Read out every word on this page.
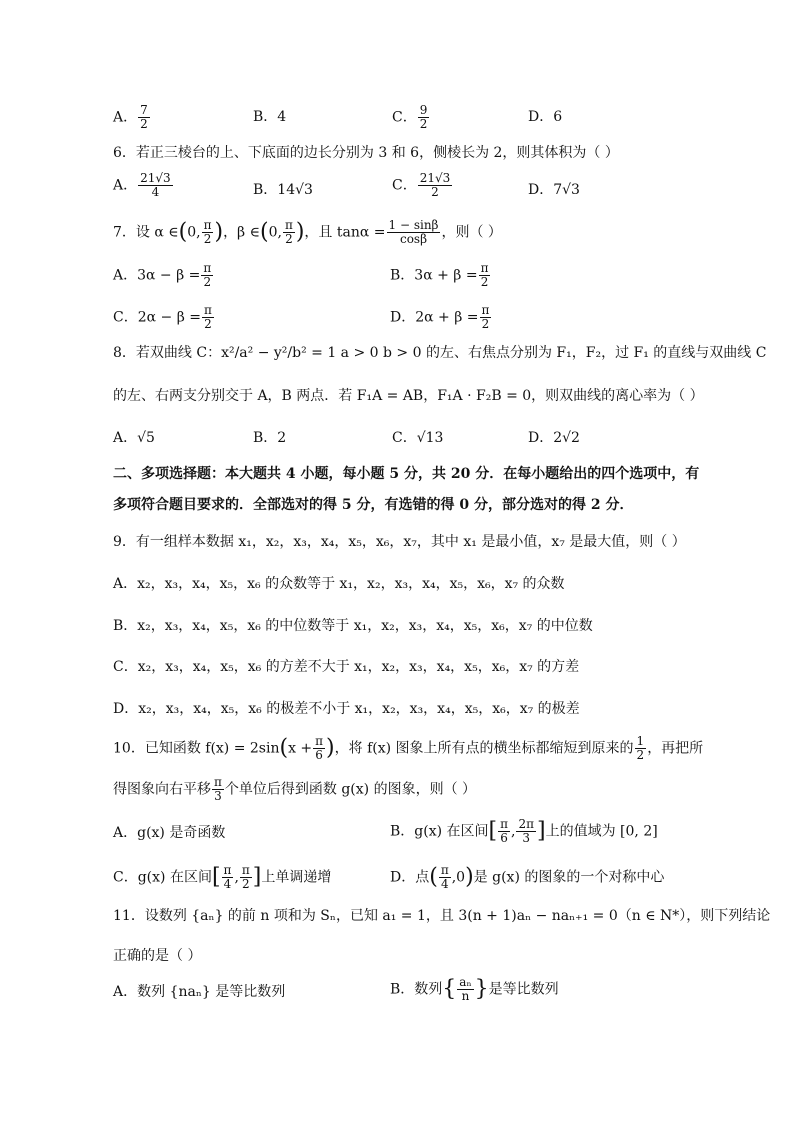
A． $\frac{7}{2}$	B．4	C． $\frac{9}{2}$	D．6
6．若正三棱台的上、下底面的边长分别为 3 和 6，侧棱长为 2，则其体积为（ ）
A． $\frac{21√3}{4}$	B．14√3	C． $\frac{21√3}{2}$	D．7√3
7．设 α ∈(0, $\frac{\pi}{2}$ )，β ∈(0, $\frac{\pi}{2}$ )，且 $\tan\alpha = \frac{1 - \sin\beta}{\cos\beta}$ ，则（ ）
A．$3\alpha - \beta = \frac{\pi}{2}$	B．$3\alpha + \beta = \frac{\pi}{2}$
C．$2\alpha - \beta = \frac{\pi}{2}$	D．$2\alpha + \beta = \frac{\pi}{2}$
8．若双曲线 C：x²/a² − y²/b² = 1 a > 0 b > 0 的左、右焦点分别为 F₁，F₂，过 F₁ 的直线与双曲线 C
的左、右两支分别交于 A，B 两点．若 F₁A = AB，F₁A · F₂B = 0，则双曲线的离心率为（ ）
A．√5	B．2	C．√13	D．2√2
二、多项选择题：本大题共 4 小题，每小题 5 分，共 20 分．在每小题给出的四个选项中，有
多项符合题目要求的．全部选对的得 5 分，有选错的得 0 分，部分选对的得 2 分．
9．有一组样本数据 x₁，x₂，x₃，x₄，x₅，x₆，x₇，其中 x₁ 是最小值，x₇ 是最大值，则（ ）
A．x₂，x₃，x₄，x₅，x₆ 的众数等于 x₁，x₂，x₃，x₄，x₅，x₆，x₇ 的众数
B．x₂，x₃，x₄，x₅，x₆ 的中位数等于 x₁，x₂，x₃，x₄，x₅，x₆，x₇ 的中位数
C．x₂，x₃，x₄，x₅，x₆ 的方差不大于 x₁，x₂，x₃，x₄，x₅，x₆，x₇ 的方差
D．x₂，x₃，x₄，x₅，x₆ 的极差不小于 x₁，x₂，x₃，x₄，x₅，x₆，x₇ 的极差
10．已知函数 $f(x) = 2\sin(x + \frac{\pi}{6}$ )，将 f(x) 图象上所有点的横坐标都缩短到原来的 $\frac{1}{2}$ ，再把所
得图象向右平移 $\frac{\pi}{3}$ 个单位后得到函数 g(x) 的图象，则（ ）
A．g(x) 是奇函数	B．g(x) 在区间[ $\frac{\pi}{6}$ , $\frac{2\pi}{3}$ ]上的值域为 [0, 2]
C．g(x) 在区间[ $\frac{\pi}{4}$ , $\frac{\pi}{2}$ ]上单调递增	D．点( $\frac{\pi}{4} ,0$)是 g(x) 的图象的一个对称中心
11．设数列 {aₙ} 的前 n 项和为 Sₙ，已知 a₁ = 1，且 3(n + 1)aₙ − naₙ₊₁ = 0（n ∈ N*），则下列结论
正确的是（ ）
A．数列 {naₙ} 是等比数列	B．数列{ $\frac{\text{aₙ}}{n}$ }是等比数列
